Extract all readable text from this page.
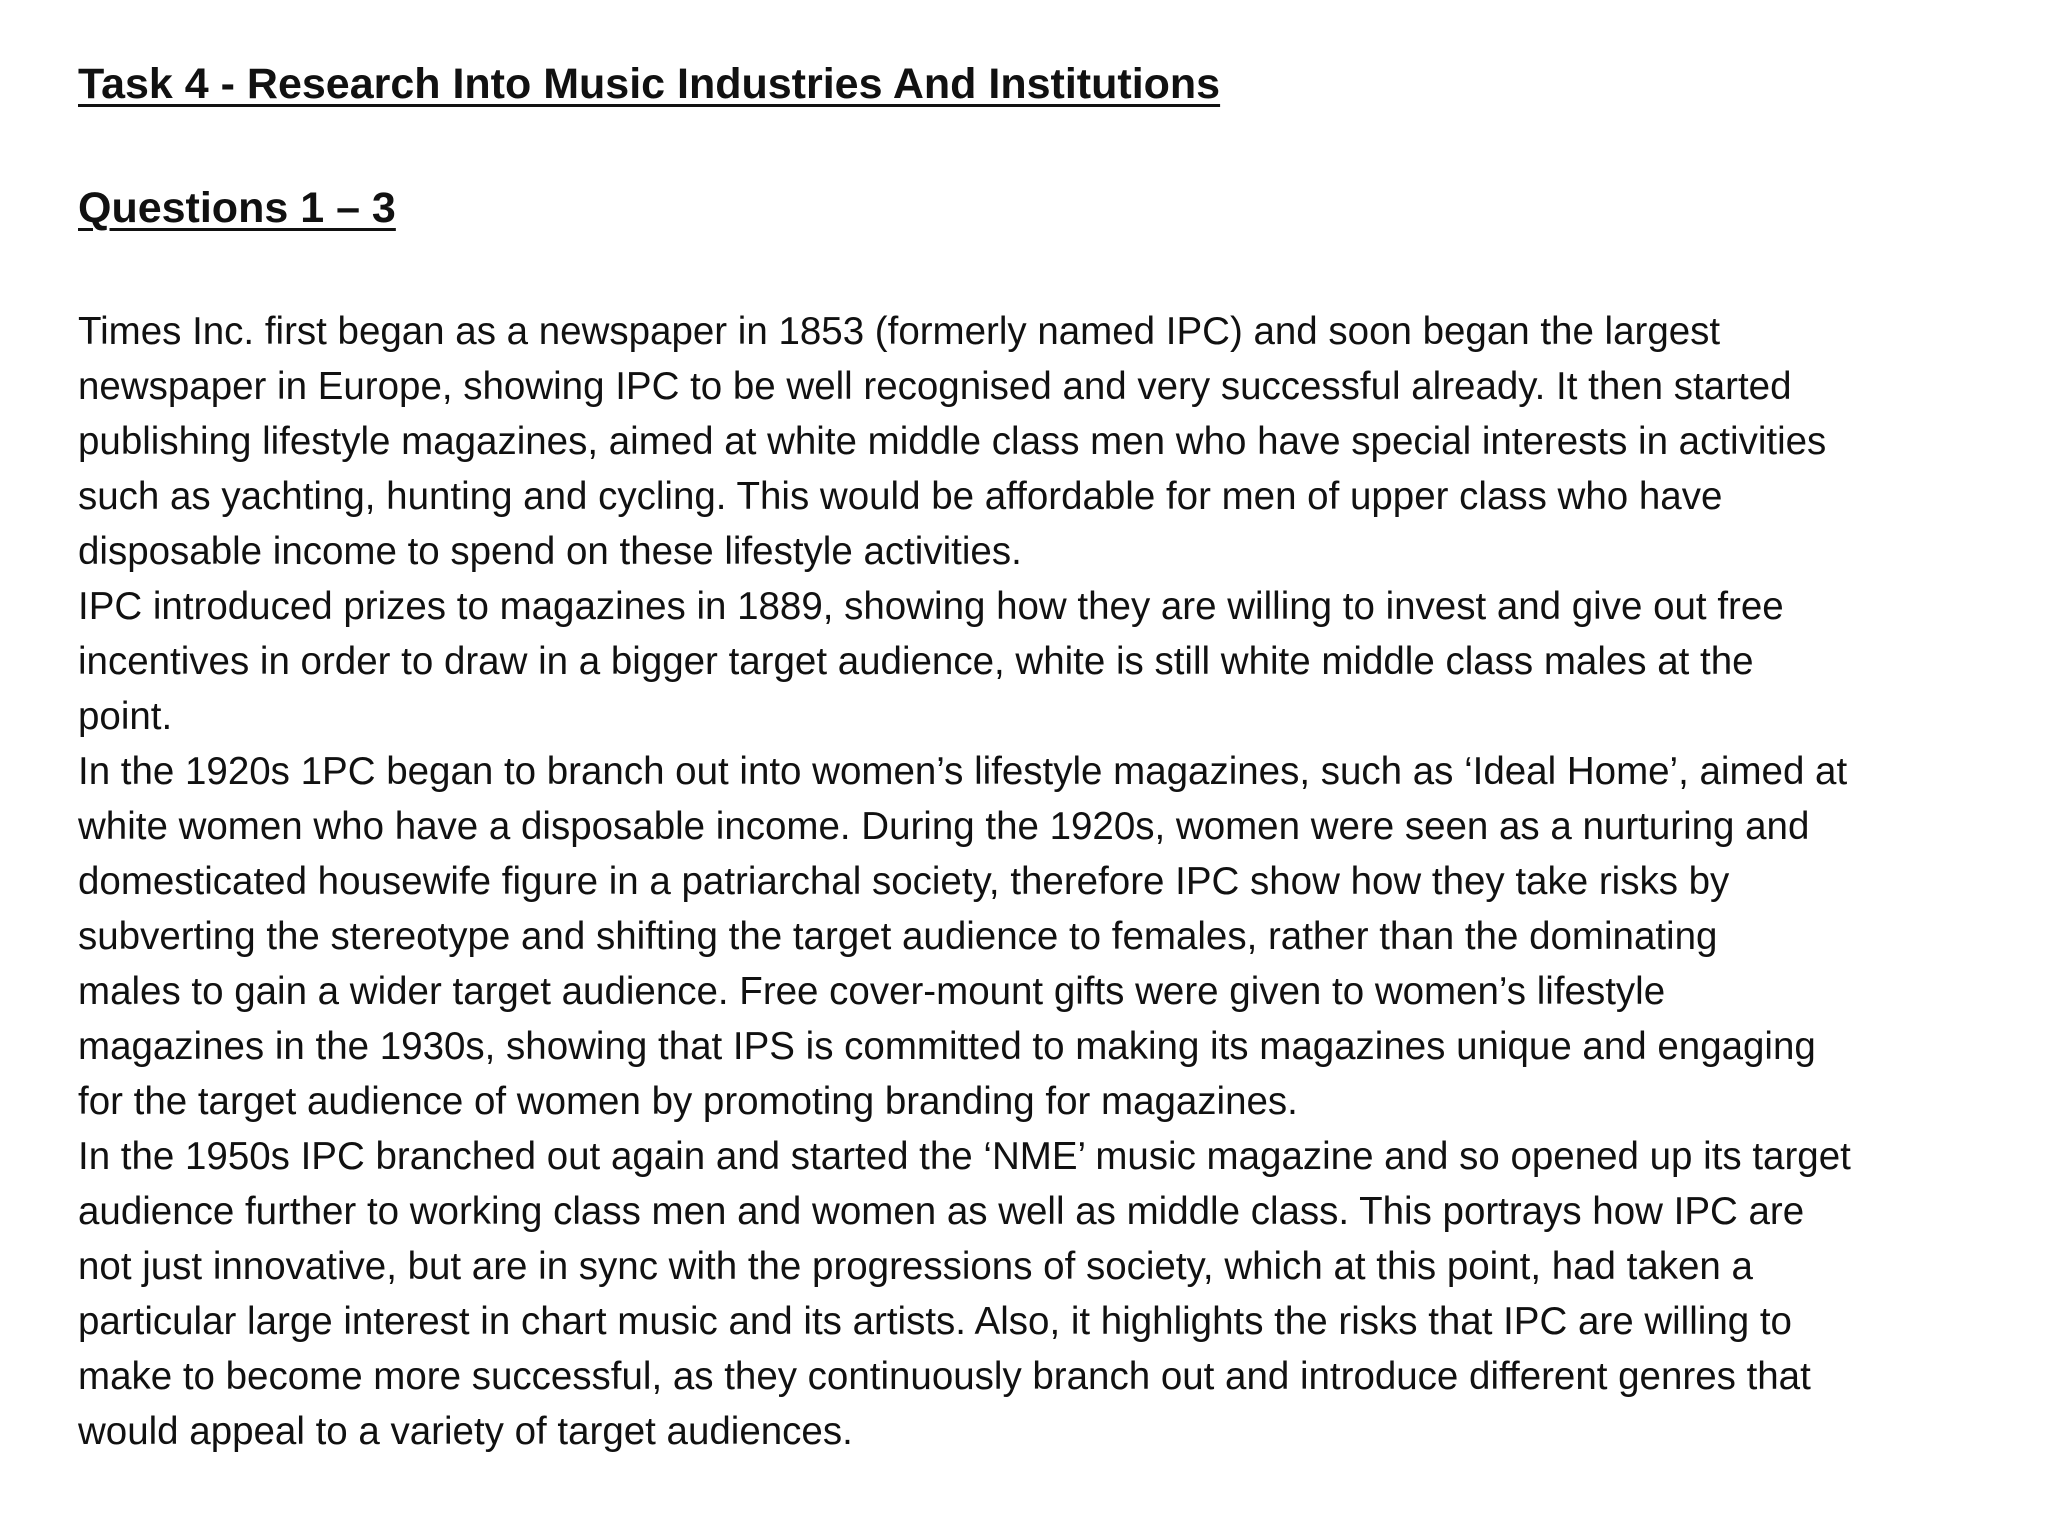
Task 4 - Research Into Music Industries And Institutions
Questions 1 – 3
Times Inc. first began as a newspaper in 1853 (formerly named IPC) and soon began the largest
newspaper in Europe, showing IPC to be well recognised and very successful already. It then started
publishing lifestyle magazines, aimed at white middle class men who have special interests in activities
such as yachting, hunting and cycling. This would be affordable for men of upper class who have
disposable income to spend on these lifestyle activities.
IPC introduced prizes to magazines in 1889, showing how they are willing to invest and give out free
incentives in order to draw in a bigger target audience, white is still white middle class males at the
point.
In the 1920s 1PC began to branch out into women’s lifestyle magazines, such as ‘Ideal Home’, aimed at
white women who have a disposable income. During the 1920s, women were seen as a nurturing and
domesticated housewife figure in a patriarchal society, therefore IPC show how they take risks by
subverting the stereotype and shifting the target audience to females, rather than the dominating
males to gain a wider target audience. Free cover-mount gifts were given to women’s lifestyle
magazines in the 1930s, showing that IPS is committed to making its magazines unique and engaging
for the target audience of women by promoting branding for magazines.
In the 1950s IPC branched out again and started the ‘NME’ music magazine and so opened up its target
audience further to working class men and women as well as middle class. This portrays how IPC are
not just innovative, but are in sync with the progressions of society, which at this point, had taken a
particular large interest in chart music and its artists. Also, it highlights the risks that IPC are willing to
make to become more successful, as they continuously branch out and introduce different genres that
would appeal to a variety of target audiences.
